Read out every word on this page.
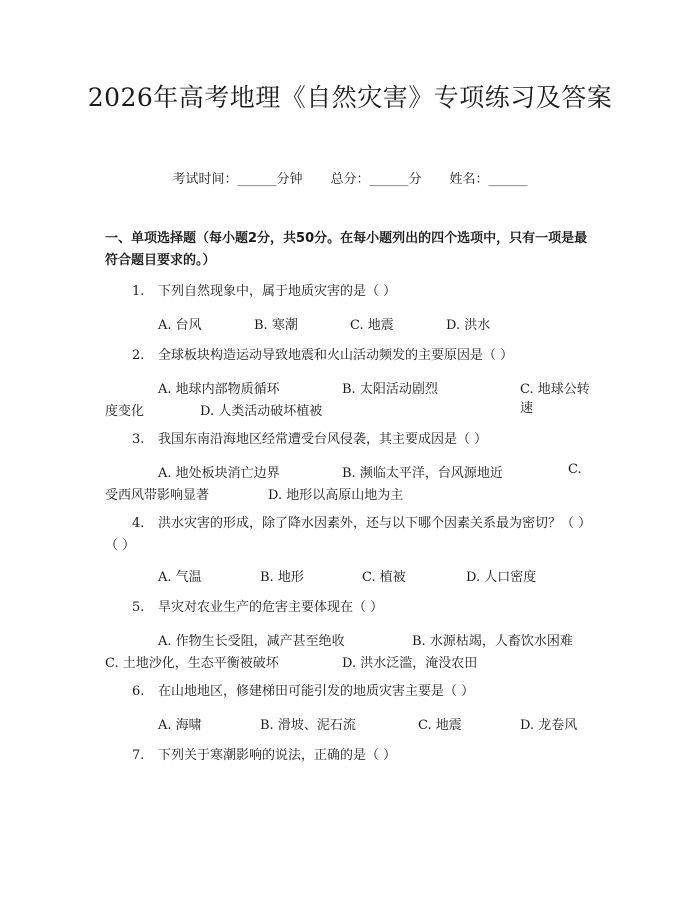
2026年高考地理《自然灾害》专项练习及答案
考试时间：______分钟 总分：______分 姓名：______
一、单项选择题（每小题2分，共50分。在每小题列出的四个选项中，只有一项是最符合题目要求的。）
1. 下列自然现象中，属于地质灾害的是（ ）
A. 台风	B. 寒潮	C. 地震	D. 洪水
2. 全球板块构造运动导致地震和火山活动频发的主要原因是（ ）
A. 地球内部物质循环	B. 太阳活动剧烈	C. 地球公转速
度变化	D. 人类活动破坏植被
3. 我国东南沿海地区经常遭受台风侵袭，其主要成因是（ ）
A. 地处板块消亡边界	B. 濒临太平洋，台风源地近	C.
受西风带影响显著	D. 地形以高原山地为主
4. 洪水灾害的形成，除了降水因素外，还与以下哪个因素关系最为密切？（ ）
（ ）
A. 气温	B. 地形	C. 植被	D. 人口密度
5. 旱灾对农业生产的危害主要体现在（ ）
A. 作物生长受阻，减产甚至绝收	B. 水源枯竭，人畜饮水困难
C. 土地沙化，生态平衡被破坏	D. 洪水泛滥，淹没农田
6. 在山地地区，修建梯田可能引发的地质灾害主要是（ ）
A. 海啸	B. 滑坡、泥石流	C. 地震	D. 龙卷风
7. 下列关于寒潮影响的说法，正确的是（ ）
